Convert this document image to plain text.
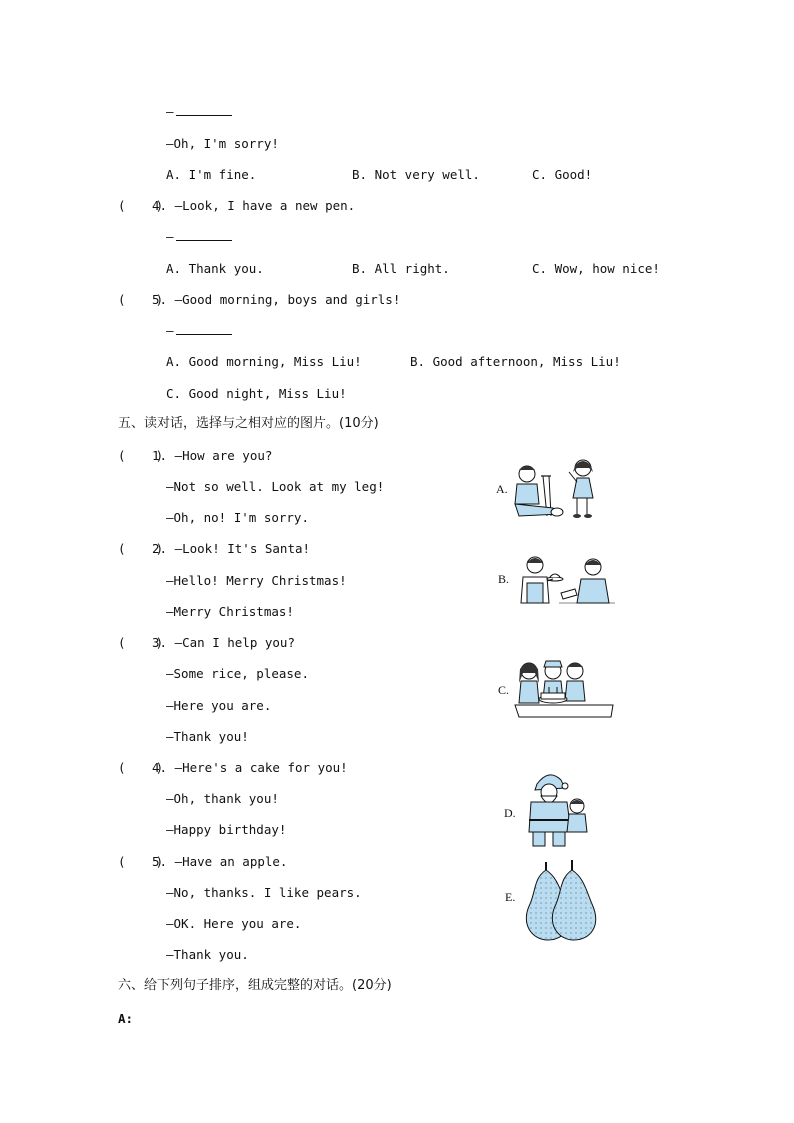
—
—Oh, I'm sorry!
A. I'm fine.	B. Not very well.	C. Good!
(    )
4. —Look, I have a new pen.
—
A. Thank you.	B. All right.	C. Wow, how nice!
(    )
5. —Good morning, boys and girls!
—
A. Good morning, Miss Liu!	B. Good afternoon, Miss Liu!
C. Good night, Miss Liu!
五、读对话，选择与之相对应的图片。(10分)
(    )
1. —How are you?
—Not so well. Look at my leg!
—Oh, no! I'm sorry.
(    )
2. —Look! It's Santa!
—Hello! Merry Christmas!
—Merry Christmas!
(    )
3. —Can I help you?
—Some rice, please.
—Here you are.
—Thank you!
(    )
4. —Here's a cake for you!
—Oh, thank you!
—Happy birthday!
(    )
5. —Have an apple.
—No, thanks. I like pears.
—OK. Here you are.
—Thank you.
A.
B.
C.
D.
E.
六、给下列句子排序，组成完整的对话。(20分)
A:
